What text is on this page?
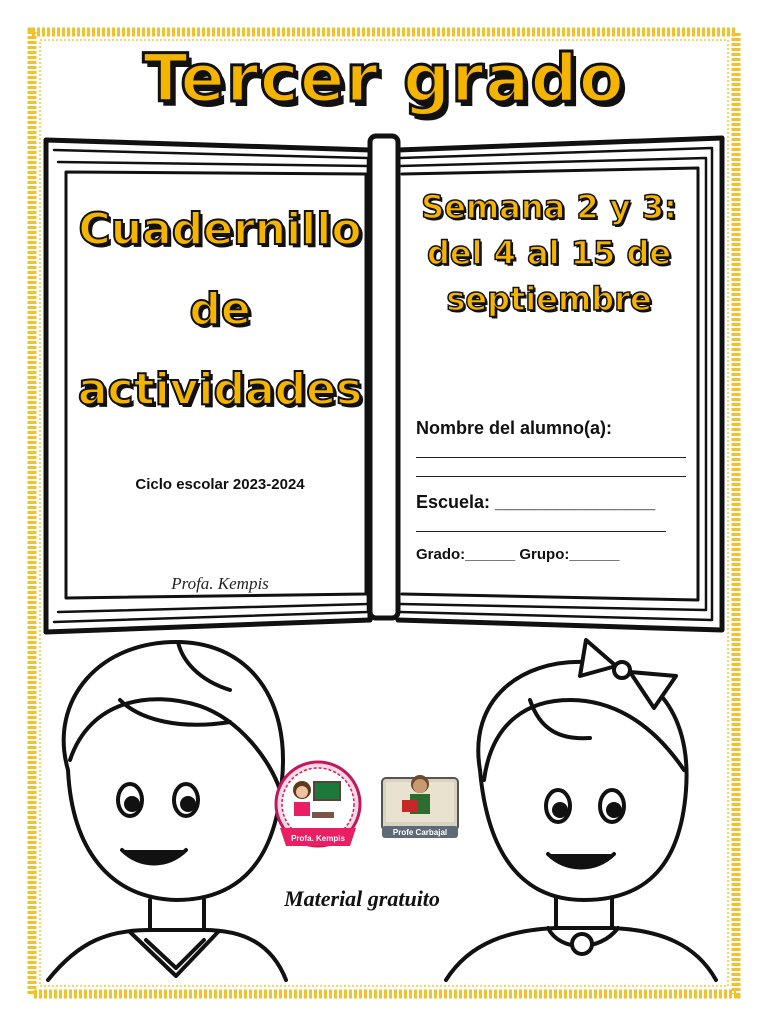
Tercer grado
Cuadernillo
de
actividades
Ciclo escolar 2023-2024
Profa. Kempis
Semana 2 y 3:
del 4 al 15 de
septiembre
Nombre del alumno(a):
Escuela: ________________
Grado:______ Grupo:______
Profa. Kempis
Profe Carbajal
Material gratuito
